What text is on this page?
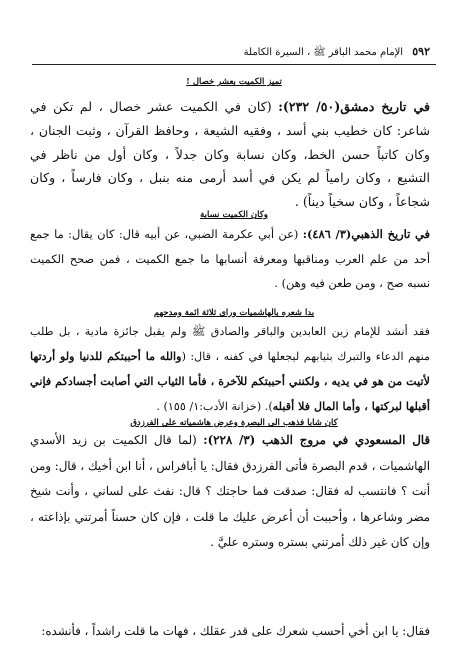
٥٩٢ الإمام محمد الباقر ﷺ ، السيرة الكاملة
تميز الكميت بعشر خصال !
في تاريخ دمشق(٥٠/ ٢٣٢): (كان في الكميت عشر خصال ، لم تكن في شاعر: كان خطيب بني أسد ، وفقيه الشيعة ، وحافظ القرآن ، وثبت الجنان ، وكان كاتباً حسن الخط، وكان نسابة وكان جدلاً ، وكان أول من ناظر في التشيع ، وكان رامياً لم يكن في أسد أرمى منه بنبل ، وكان فارساً ، وكان شجاعاً ، وكان سخياً ديناً) .
وكان الكميت نسابة
في تاريخ الذهبي(٣/ ٤٨٦): (عن أبي عكرمة الضبي، عن أبيه قال: كان يقال: ما جمع أحد من علم العرب ومناقبها ومعرفة أنسابها ما جمع الكميت ، فمن صحح الكميت نسبه صح ، ومن طعن فيه وهن) .
بدا شعره بالهاشميات وراى ثلاثة ائمة ومدحهم
فقد أنشد للإمام زين العابدين والباقر والصادق ﷺ ولم يقبل جائزة مادية ، بل طلب منهم الدعاء والتبرك بثيابهم ليجعلها في كفنه ، قال: (والله ما أحببتكم للدنيا ولو أردتها لأتيت من هو في يديه ، ولكنني أحببتكم للآخرة ، فأما الثياب التي أصابت أجسادكم فإني أقبلها لبركتها ، وأما المال فلا أقبله). (خزانة الأدب:١/ ١٥٥) .
كان شابا فذهب الى البصرة وعرض هاشمياته على الفرزدق
قال المسعودي في مروج الذهب (٣/ ٢٢٨): (لما قال الكميت بن زيد الأسدي الهاشميات ، قدم البصرة فأتى الفرزدق فقال: يا أبافراس ، أنا ابن أخيك ، قال: ومن أنت ؟ فانتسب له فقال: صدقت فما حاجتك ؟ قال: نفث على لساني ، وأنت شيخ مضر وشاعرها ، وأحببت أن أعرض عليك ما قلت ، فإن كان حسناً أمرتني بإذاعته ، وإن كان غير ذلك أمرتني بستره وستره عليَّ .
فقال: يا ابن أخي أحسب شعرك على قدر عقلك ، فهات ما قلت راشداً ، فأنشده:
